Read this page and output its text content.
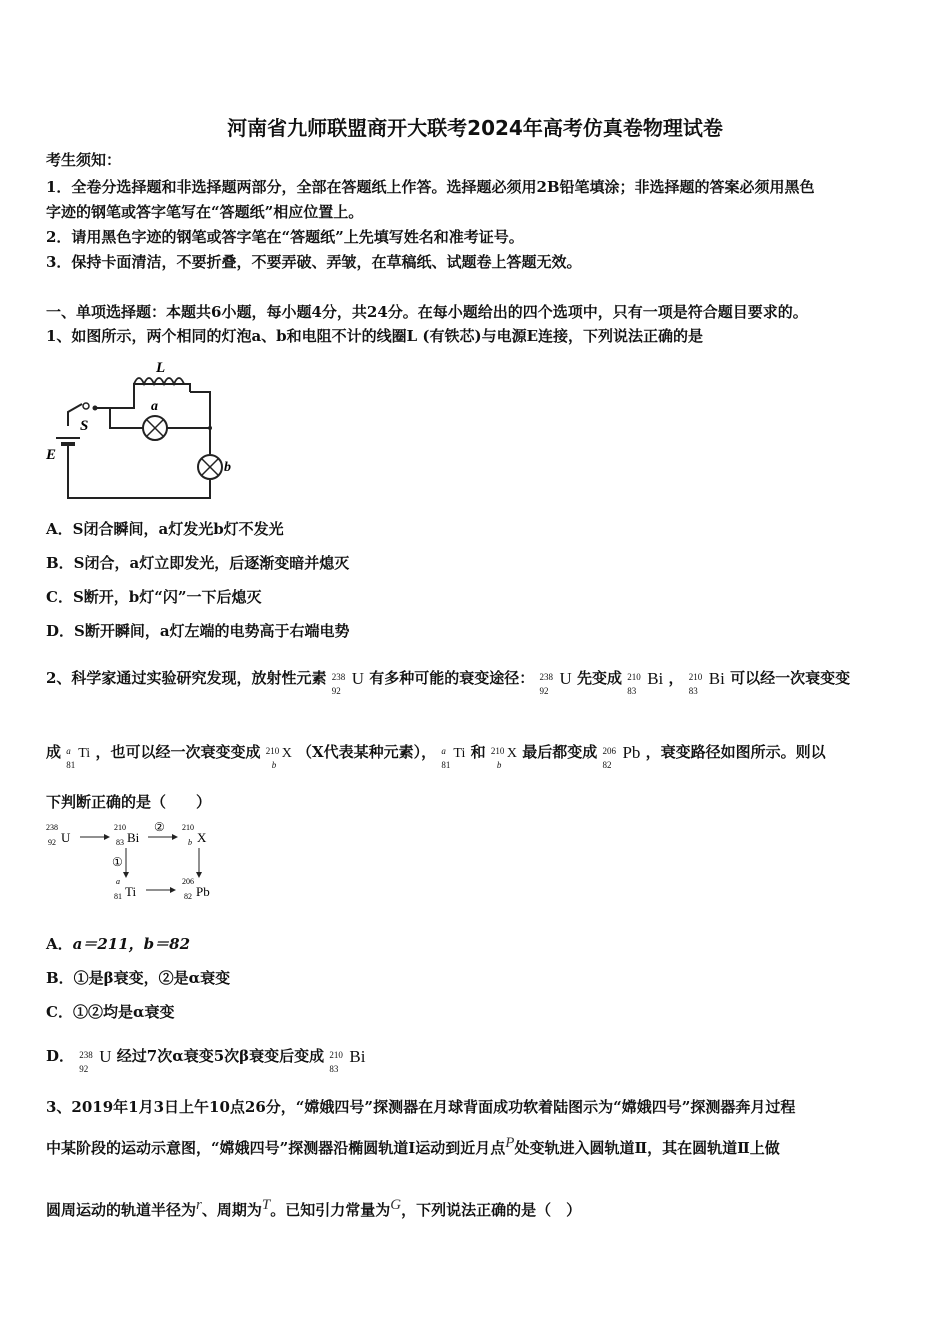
河南省九师联盟商开大联考2024年高考仿真卷物理试卷
考生须知：
1．全卷分选择题和非选择题两部分，全部在答题纸上作答。选择题必须用2B铅笔填涂；非选择题的答案必须用黑色
字迹的钢笔或答字笔写在“答题纸”相应位置上。
2．请用黑色字迹的钢笔或答字笔在“答题纸”上先填写姓名和准考证号。
3．保持卡面清洁，不要折叠，不要弄破、弄皱，在草稿纸、试题卷上答题无效。
一、单项选择题：本题共6小题，每小题4分，共24分。在每小题给出的四个选项中，只有一项是符合题目要求的。
1、如图所示，两个相同的灯泡a、b和电阻不计的线圈L (有铁芯)与电源E连接，下列说法正确的是
L
a
S
E
b
A．S闭合瞬间，a灯发光b灯不发光
B．S闭合，a灯立即发光，后逐渐变暗并熄灭
C．S断开，b灯“闪”一下后熄灭
D．S断开瞬间，a灯左端的电势高于右端电势
2、科学家通过实验研究发现，放射性元素 238
92
U 有多种可能的衰变途径： 238
92
U 先变成 210
83
Bi ， 210
83
Bi 可以经一次衰变变
成 a
81
Ti ，也可以经一次衰变变成 210
b
X （X代表某种元素）， a
81
Ti 和 210
b
X 最后都变成 206
82
Pb ，衰变路径如图所示。则以
下判断正确的是（　　）
238
92 U
210
83 Bi
② 210
b X
①
a
81 Ti
206
82 Pb
A．a＝211，b＝82
B．①是β衰变，②是α衰变
C．①②均是α衰变
D． 238
92
U 经过7次α衰变5次β衰变后变成 210
83
Bi
3、2019年1月3日上午10点26分，“嫦娥四号”探测器在月球背面成功软着陆图示为“嫦娥四号”探测器奔月过程
中某阶段的运动示意图，“嫦娥四号”探测器沿椭圆轨道Ⅰ运动到近月点P处变轨进入圆轨道Ⅱ，其在圆轨道Ⅱ上做
圆周运动的轨道半径为r、周期为T。已知引力常量为G，下列说法正确的是（　）
